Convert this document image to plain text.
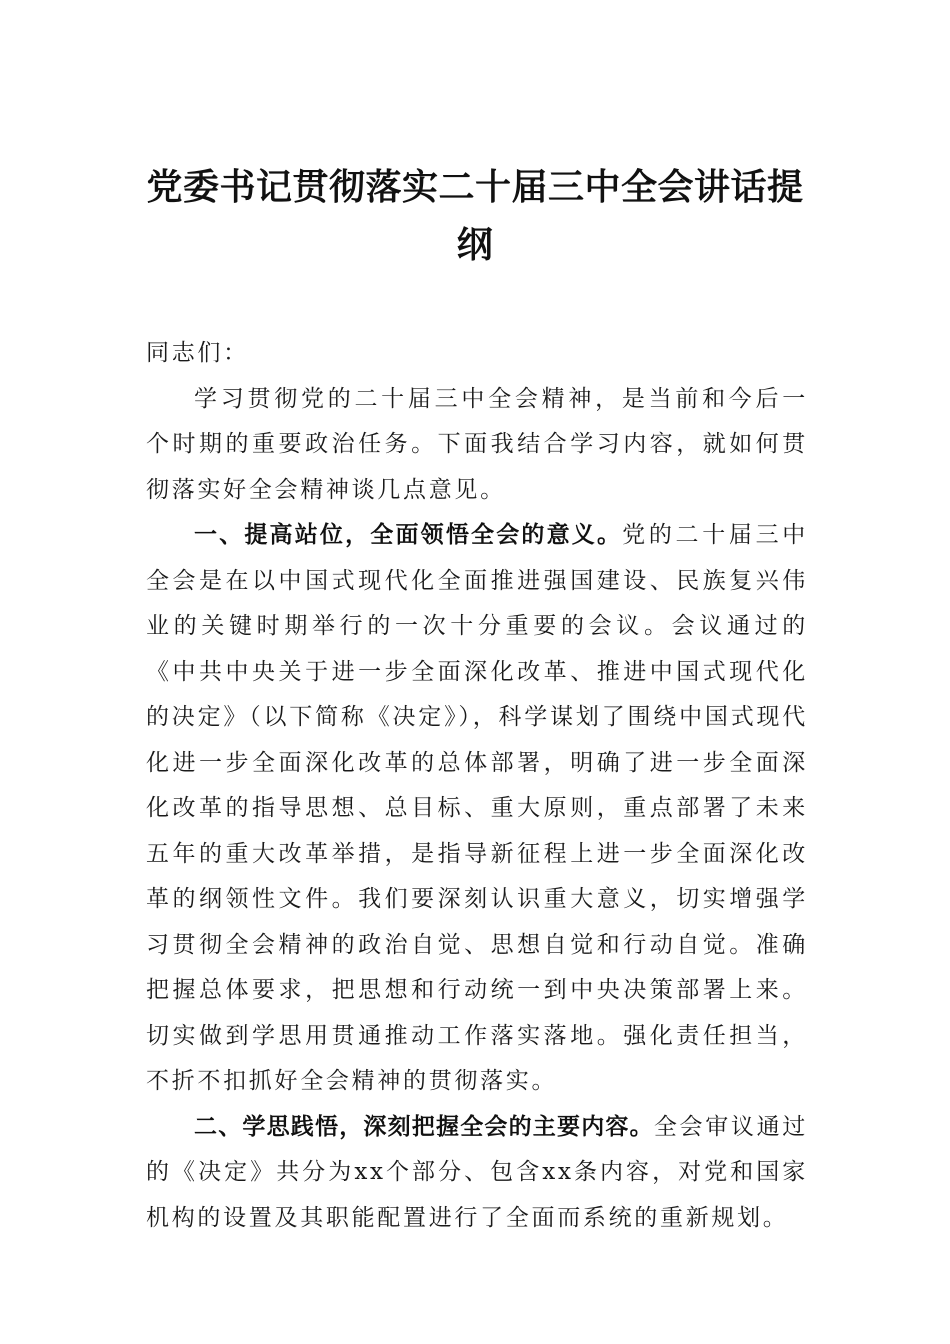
党委书记贯彻落实二十届三中全会讲话提纲

同志们：

学习贯彻党的二十届三中全会精神，是当前和今后一个时期的重要政治任务。下面我结合学习内容，就如何贯彻落实好全会精神谈几点意见。

一、提高站位，全面领悟全会的意义。党的二十届三中全会是在以中国式现代化全面推进强国建设、民族复兴伟业的关键时期举行的一次十分重要的会议。会议通过的《中共中央关于进一步全面深化改革、推进中国式现代化的决定》（以下简称《决定》），科学谋划了围绕中国式现代化进一步全面深化改革的总体部署，明确了进一步全面深化改革的指导思想、总目标、重大原则，重点部署了未来五年的重大改革举措，是指导新征程上进一步全面深化改革的纲领性文件。我们要深刻认识重大意义，切实增强学习贯彻全会精神的政治自觉、思想自觉和行动自觉。准确把握总体要求，把思想和行动统一到中央决策部署上来。切实做到学思用贯通推动工作落实落地。强化责任担当，不折不扣抓好全会精神的贯彻落实。

二、学思践悟，深刻把握全会的主要内容。全会审议通过的《决定》共分为xx个部分、包含xx条内容，对党和国家机构的设置及其职能配置进行了全面而系统的重新规划。
